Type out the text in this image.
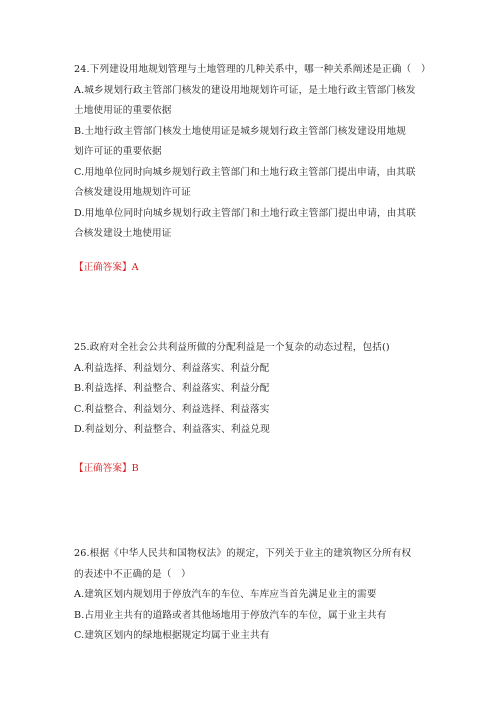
24.下列建设用地规划管理与土地管理的几种关系中，哪一种关系阐述是正确（　）
A.城乡规划行政主管部门核发的建设用地规划许可证，是土地行政主管部门核发
土地使用证的重要依据
B.土地行政主管部门核发土地使用证是城乡规划行政主管部门核发建设用地规
划许可证的重要依据
C.用地单位同时向城乡规划行政主管部门和土地行政主管部门提出申请，由其联
合核发建设用地规划许可证
D.用地单位同时向城乡规划行政主管部门和土地行政主管部门提出申请，由其联
合核发建设土地使用证
【正确答案】A
25.政府对全社会公共利益所做的分配利益是一个复杂的动态过程，包括()
A.利益选择、利益划分、利益落实、利益分配
B.利益选择、利益整合、利益落实、利益分配
C.利益整合、利益划分、利益选择、利益落实
D.利益划分、利益整合、利益落实、利益兑现
【正确答案】B
26.根据《中华人民共和国物权法》的规定，下列关于业主的建筑物区分所有权
的表述中不正确的是（　）
A.建筑区划内规划用于停放汽车的车位、车库应当首先满足业主的需要
B.占用业主共有的道路或者其他场地用于停放汽车的车位，属于业主共有
C.建筑区划内的绿地根据规定均属于业主共有
